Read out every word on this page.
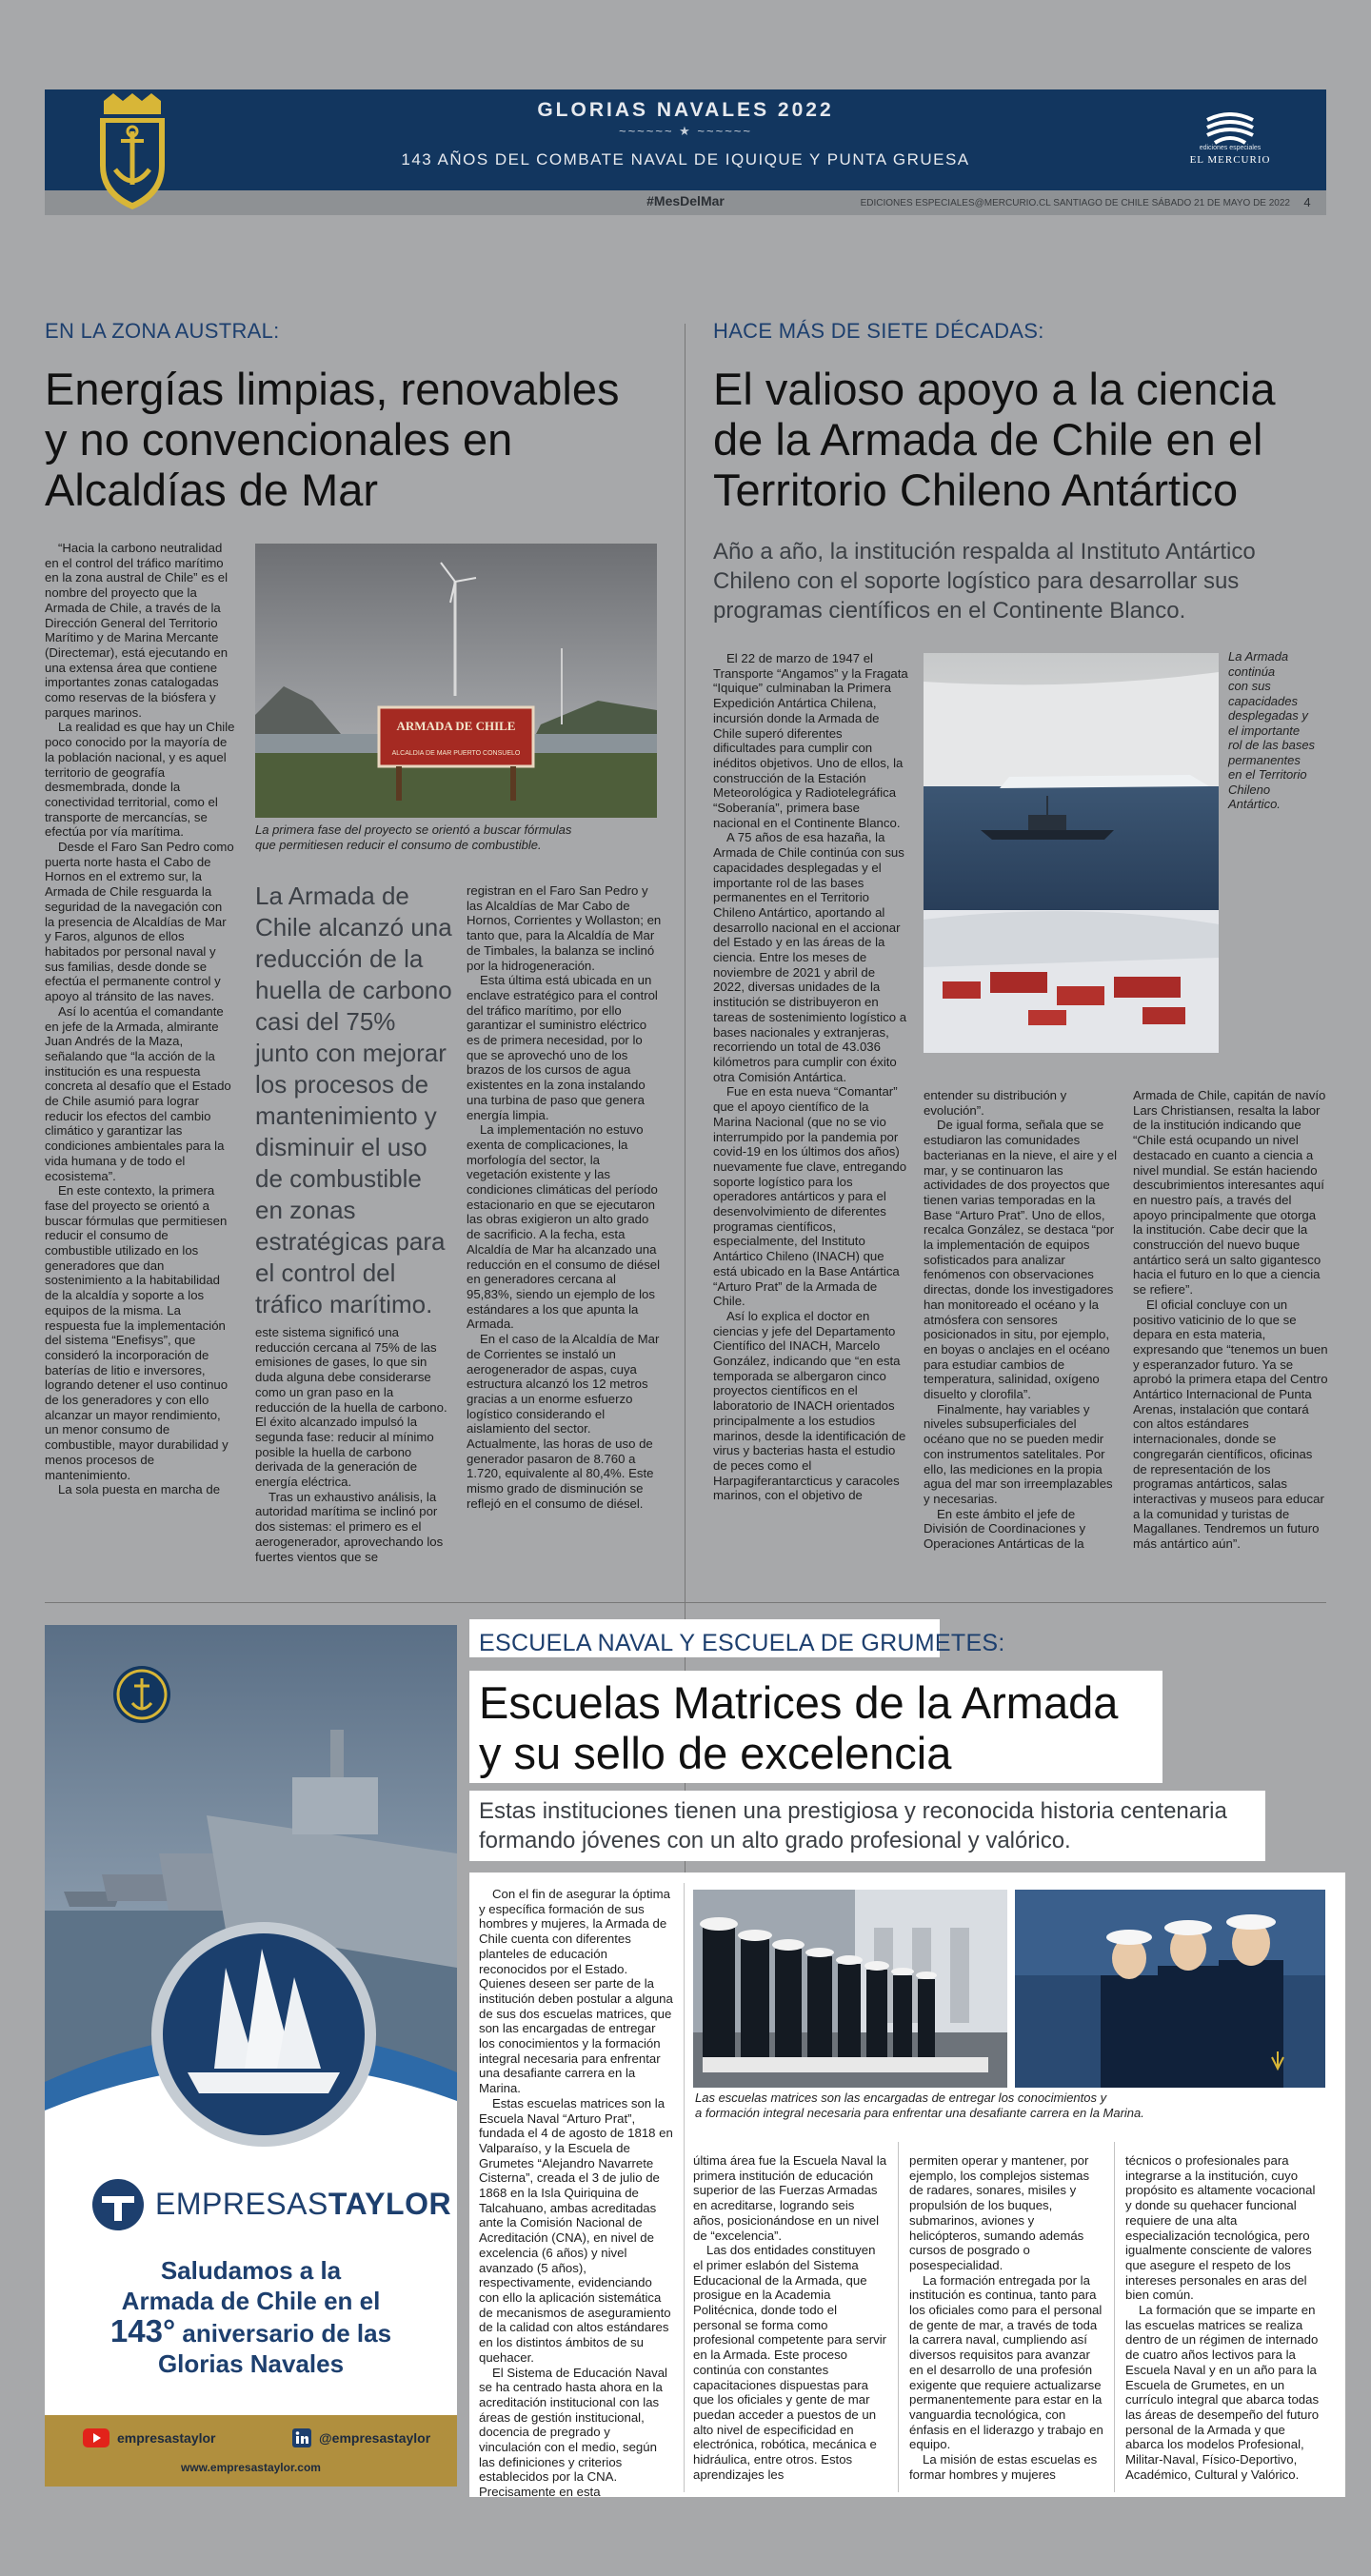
GLORIAS NAVALES 2022
~~~~~~ ★ ~~~~~~
143 AÑOS DEL COMBATE NAVAL DE IQUIQUE Y PUNTA GRUESA
ediciones especiales
EL MERCURIO
#MesDelMar	EDICIONES ESPECIALES@MERCURIO.CL SANTIAGO DE CHILE SÁBADO 21 DE MAYO DE 2022	4
EN LA ZONA AUSTRAL:
Energías limpias, renovables
y no convencionales en
Alcaldías de Mar
ARMADA DE CHILE
ALCALDIA DE MAR PUERTO CONSUELO
La primera fase del proyecto se orientó a buscar fórmulas
que permitiesen reducir el consumo de combustible.

“Hacia la carbono neutralidad en el control del tráfico marítimo en la zona austral de Chile” es el nombre del proyecto que la Armada de Chile, a través de la Dirección General del Territorio Marítimo y de Marina Mercante (Directemar), está ejecutando en una extensa área que contiene importantes zonas catalogadas como reservas de la biósfera y parques marinos.

La realidad es que hay un Chile poco conocido por la mayoría de la población nacional, y es aquel territorio de geografía desmembrada, donde la conectividad territorial, como el transporte de mercancías, se efectúa por vía marítima.

Desde el Faro San Pedro como puerta norte hasta el Cabo de Hornos en el extremo sur, la Armada de Chile resguarda la seguridad de la navegación con la presencia de Alcaldías de Mar y Faros, algunos de ellos habitados por personal naval y sus familias, desde donde se efectúa el permanente control y apoyo al tránsito de las naves.

Así lo acentúa el comandante en jefe de la Armada, almirante Juan Andrés de la Maza, señalando que “la acción de la institución es una respuesta concreta al desafío que el Estado de Chile asumió para lograr reducir los efectos del cambio climático y garantizar las condiciones ambientales para la vida humana y de todo el ecosistema”.

En este contexto, la primera fase del proyecto se orientó a buscar fórmulas que permitiesen reducir el consumo de combustible utilizado en los generadores que dan sostenimiento a la habitabilidad de la alcaldía y soporte a los equipos de la misma. La respuesta fue la implementación del sistema “Enefisys”, que consideró la incorporación de baterías de litio e inversores, logrando detener el uso continuo de los generadores y con ello alcanzar un mayor rendimiento, un menor consumo de combustible, mayor durabilidad y menos procesos de mantenimiento.

La sola puesta en marcha de

La Armada de
Chile alcanzó una
reducción de la
huella de carbono
casi del 75%
junto con mejorar
los procesos de
mantenimiento y
disminuir el uso
de combustible
en zonas
estratégicas para
el control del
tráfico marítimo.

este sistema significó una reducción cercana al 75% de las emisiones de gases, lo que sin duda alguna debe considerarse como un gran paso en la reducción de la huella de carbono. El éxito alcanzado impulsó la segunda fase: reducir al mínimo posible la huella de carbono derivada de la generación de energía eléctrica.

Tras un exhaustivo análisis, la autoridad marítima se inclinó por dos sistemas: el primero es el aerogenerador, aprovechando los fuertes vientos que se

registran en el Faro San Pedro y las Alcaldías de Mar Cabo de Hornos, Corrientes y Wollaston; en tanto que, para la Alcaldía de Mar de Timbales, la balanza se inclinó por la hidrogeneración.

Esta última está ubicada en un enclave estratégico para el control del tráfico marítimo, por ello garantizar el suministro eléctrico es de primera necesidad, por lo que se aprovechó uno de los brazos de los cursos de agua existentes en la zona instalando una turbina de paso que genera energía limpia.

La implementación no estuvo exenta de complicaciones, la morfología del sector, la vegetación existente y las condiciones climáticas del período estacionario en que se ejecutaron las obras exigieron un alto grado de sacrificio. A la fecha, esta Alcaldía de Mar ha alcanzado una reducción en el consumo de diésel en generadores cercana al 95,83%, siendo un ejemplo de los estándares a los que apunta la Armada.

En el caso de la Alcaldía de Mar de Corrientes se instaló un aerogenerador de aspas, cuya estructura alcanzó los 12 metros gracias a un enorme esfuerzo logístico considerando el aislamiento del sector. Actualmente, las horas de uso de generador pasaron de 8.760 a 1.720, equivalente al 80,4%. Este mismo grado de disminución se reflejó en el consumo de diésel.

HACE MÁS DE SIETE DÉCADAS:
El valioso apoyo a la ciencia
de la Armada de Chile en el
Territorio Chileno Antártico
Año a año, la institución respalda al Instituto Antártico
Chileno con el soporte logístico para desarrollar sus
programas científicos en el Continente Blanco.
La Armada
continúa
con sus
capacidades
desplegadas y
el importante
rol de las bases
permanentes
en el Territorio
Chileno
Antártico.

El 22 de marzo de 1947 el Transporte “Angamos” y la Fragata “Iquique” culminaban la Primera Expedición Antártica Chilena, incursión donde la Armada de Chile superó diferentes dificultades para cumplir con inéditos objetivos. Uno de ellos, la construcción de la Estación Meteorológica y Radiotelegráfica “Soberanía”, primera base nacional en el Continente Blanco.

A 75 años de esa hazaña, la Armada de Chile continúa con sus capacidades desplegadas y el importante rol de las bases permanentes en el Territorio Chileno Antártico, aportando al desarrollo nacional en el accionar del Estado y en las áreas de la ciencia. Entre los meses de noviembre de 2021 y abril de 2022, diversas unidades de la institución se distribuyeron en tareas de sostenimiento logístico a bases nacionales y extranjeras, recorriendo un total de 43.036 kilómetros para cumplir con éxito otra Comisión Antártica.

Fue en esta nueva “Comantar” que el apoyo científico de la Marina Nacional (que no se vio interrumpido por la pandemia por covid-19 en los últimos dos años) nuevamente fue clave, entregando soporte logístico para los operadores antárticos y para el desenvolvimiento de diferentes programas científicos, especialmente, del Instituto Antártico Chileno (INACH) que está ubicado en la Base Antártica “Arturo Prat” de la Armada de Chile.

Así lo explica el doctor en ciencias y jefe del Departamento Científico del INACH, Marcelo González, indicando que “en esta temporada se albergaron cinco proyectos científicos en el laboratorio de INACH orientados principalmente a los estudios marinos, desde la identificación de virus y bacterias hasta el estudio de peces como el Harpagiferantarcticus y caracoles marinos, con el objetivo de

entender su distribución y evolución”.

De igual forma, señala que se estudiaron las comunidades bacterianas en la nieve, el aire y el mar, y se continuaron las actividades de dos proyectos que tienen varias temporadas en la Base “Arturo Prat”. Uno de ellos, recalca González, se destaca “por la implementación de equipos sofisticados para analizar fenómenos con observaciones directas, donde los investigadores han monitoreado el océano y la atmósfera con sensores posicionados in situ, por ejemplo, en boyas o anclajes en el océano para estudiar cambios de temperatura, salinidad, oxígeno disuelto y clorofila”.

Finalmente, hay variables y niveles subsuperficiales del océano que no se pueden medir con instrumentos satelitales. Por ello, las mediciones en la propia agua del mar son irreemplazables y necesarias.

En este ámbito el jefe de División de Coordinaciones y Operaciones Antárticas de la

Armada de Chile, capitán de navío Lars Christiansen, resalta la labor de la institución indicando que “Chile está ocupando un nivel destacado en cuanto a ciencia a nivel mundial. Se están haciendo descubrimientos interesantes aquí en nuestro país, a través del apoyo principalmente que otorga la institución. Cabe decir que la construcción del nuevo buque antártico será un salto gigantesco hacia el futuro en lo que a ciencia se refiere”.

El oficial concluye con un positivo vaticinio de lo que se depara en esta materia, expresando que “tenemos un buen y esperanzador futuro. Ya se aprobó la primera etapa del Centro Antártico Internacional de Punta Arenas, instalación que contará con altos estándares internacionales, donde se congregarán científicos, oficinas de representación de los programas antárticos, salas interactivas y museos para educar a la comunidad y turistas de Magallanes. Tendremos un futuro más antártico aún”.

EMPRESASTAYLOR
Saludamos a la
Armada de Chile en el
143° aniversario de las
Glorias Navales
empresastaylor	@empresastaylor
www.empresastaylor.com
ESCUELA NAVAL Y ESCUELA DE GRUMETES:
Escuelas Matrices de la Armada
y su sello de excelencia
Estas instituciones tienen una prestigiosa y reconocida historia centenaria
formando jóvenes con un alto grado profesional y valórico.
Las escuelas matrices son las encargadas de entregar los conocimientos y
a formación integral necesaria para enfrentar una desafiante carrera en la Marina.

Con el fin de asegurar la óptima y específica formación de sus hombres y mujeres, la Armada de Chile cuenta con diferentes planteles de educación reconocidos por el Estado. Quienes deseen ser parte de la institución deben postular a alguna de sus dos escuelas matrices, que son las encargadas de entregar los conocimientos y la formación integral necesaria para enfrentar una desafiante carrera en la Marina.

Estas escuelas matrices son la Escuela Naval “Arturo Prat”, fundada el 4 de agosto de 1818 en Valparaíso, y la Escuela de Grumetes “Alejandro Navarrete Cisterna”, creada el 3 de julio de 1868 en la Isla Quiriquina de Talcahuano, ambas acreditadas ante la Comisión Nacional de Acreditación (CNA), en nivel de excelencia (6 años) y nivel avanzado (5 años), respectivamente, evidenciando con ello la aplicación sistemática de mecanismos de aseguramiento de la calidad con altos estándares en los distintos ámbitos de su quehacer.

El Sistema de Educación Naval se ha centrado hasta ahora en la acreditación institucional con las áreas de gestión institucional, docencia de pregrado y vinculación con el medio, según las definiciones y criterios establecidos por la CNA. Precisamente en esta

última área fue la Escuela Naval la primera institución de educación superior de las Fuerzas Armadas en acreditarse, logrando seis años, posicionándose en un nivel de “excelencia”.

Las dos entidades constituyen el primer eslabón del Sistema Educacional de la Armada, que prosigue en la Academia Politécnica, donde todo el personal se forma como profesional competente para servir en la Armada. Este proceso continúa con constantes capacitaciones dispuestas para que los oficiales y gente de mar puedan acceder a puestos de un alto nivel de especificidad en electrónica, robótica, mecánica e hidráulica, entre otros. Estos aprendizajes les

permiten operar y mantener, por ejemplo, los complejos sistemas de radares, sonares, misiles y propulsión de los buques, submarinos, aviones y helicópteros, sumando además cursos de posgrado o posespecialidad.

La formación entregada por la institución es continua, tanto para los oficiales como para el personal de gente de mar, a través de toda la carrera naval, cumpliendo así diversos requisitos para avanzar en el desarrollo de una profesión exigente que requiere actualizarse permanentemente para estar en la vanguardia tecnológica, con énfasis en el liderazgo y trabajo en equipo.

La misión de estas escuelas es formar hombres y mujeres

técnicos o profesionales para integrarse a la institución, cuyo propósito es altamente vocacional y donde su quehacer funcional requiere de una alta especialización tecnológica, pero igualmente consciente de valores que asegure el respeto de los intereses personales en aras del bien común.

La formación que se imparte en las escuelas matrices se realiza dentro de un régimen de internado de cuatro años lectivos para la Escuela Naval y en un año para la Escuela de Grumetes, en un currículo integral que abarca todas las áreas de desempeño del futuro personal de la Armada y que abarca los modelos Profesional, Militar-Naval, Físico-Deportivo, Académico, Cultural y Valórico.
